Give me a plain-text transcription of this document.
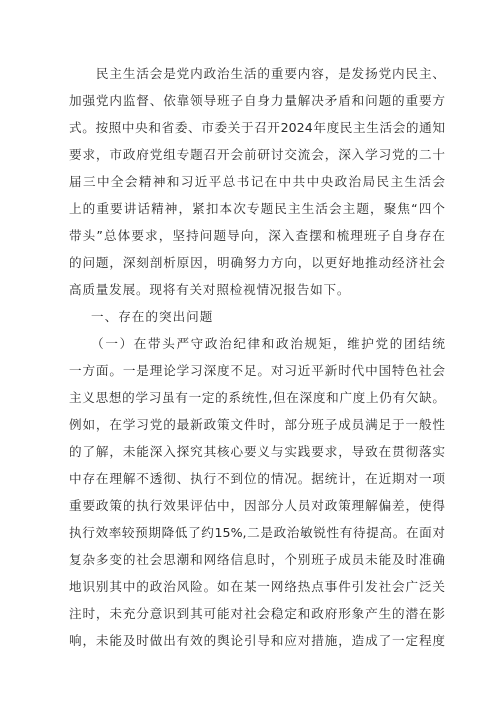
　　民主生活会是党内政治生活的重要内容，是发扬党内民主、
加强党内监督、依靠领导班子自身力量解决矛盾和问题的重要方
式。按照中央和省委、市委关于召开2024年度民主生活会的通知
要求，市政府党组专题召开会前研讨交流会，深入学习党的二十
届三中全会精神和习近平总书记在中共中央政治局民主生活会
上的重要讲话精神，紧扣本次专题民主生活会主题，聚焦“四个
带头”总体要求，坚持问题导向，深入查摆和梳理班子自身存在
的问题，深刻剖析原因，明确努力方向，以更好地推动经济社会
高质量发展。现将有关对照检视情况报告如下。
一、存在的突出问题
　　（一）在带头严守政治纪律和政治规矩，维护党的团结统
一方面。一是理论学习深度不足。对习近平新时代中国特色社会
主义思想的学习虽有一定的系统性,但在深度和广度上仍有欠缺。
例如，在学习党的最新政策文件时，部分班子成员满足于一般性
的了解，未能深入探究其核心要义与实践要求，导致在贯彻落实
中存在理解不透彻、执行不到位的情况。据统计，在近期对一项
重要政策的执行效果评估中，因部分人员对政策理解偏差，使得
执行效率较预期降低了约15%,二是政治敏锐性有待提高。在面对
复杂多变的社会思潮和网络信息时，个别班子成员未能及时准确
地识别其中的政治风险。如在某一网络热点事件引发社会广泛关
注时，未充分意识到其可能对社会稳定和政府形象产生的潜在影
响，未能及时做出有效的舆论引导和应对措施，造成了一定程度
